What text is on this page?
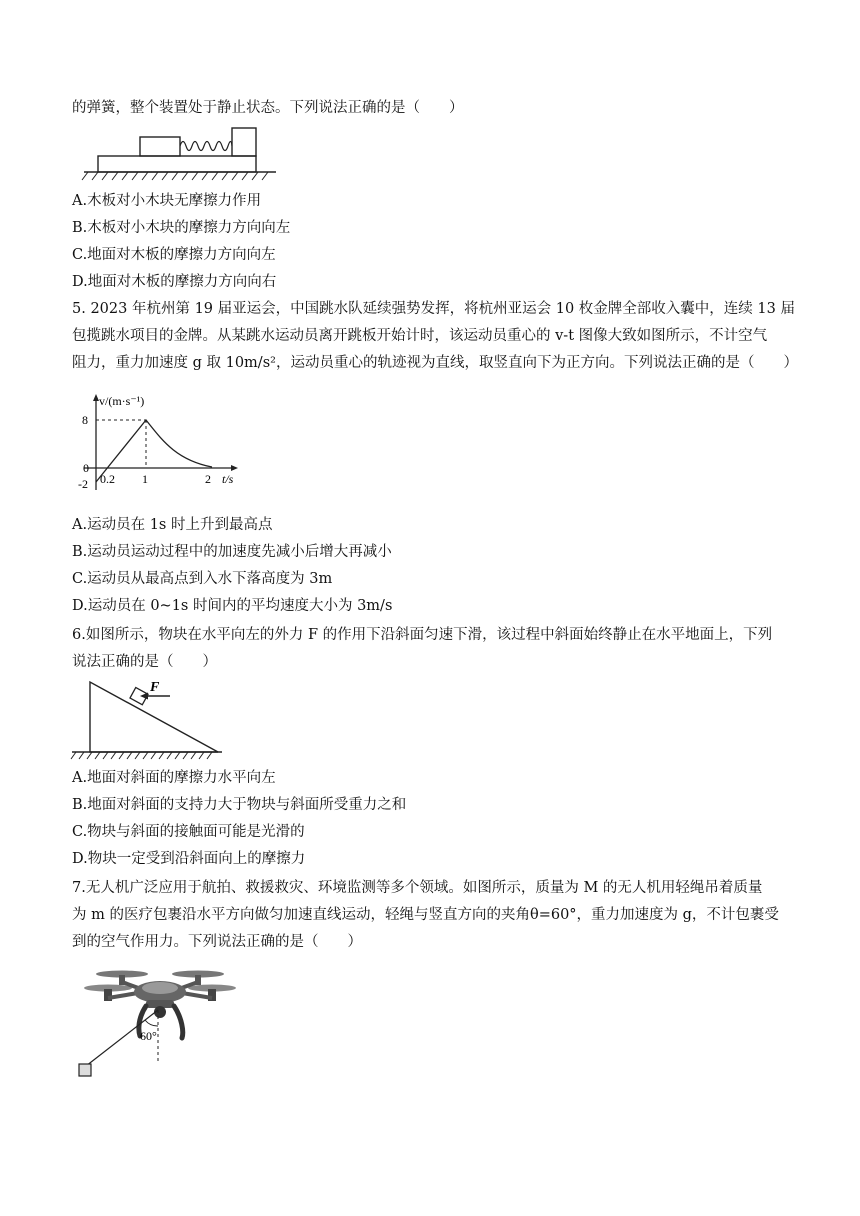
的弹簧，整个装置处于静止状态。下列说法正确的是（　　）
A.木板对小木块无摩擦力作用
B.木板对小木块的摩擦力方向向左
C.地面对木板的摩擦力方向向左
D.地面对木板的摩擦力方向向右
5. 2023 年杭州第 19 届亚运会，中国跳水队延续强势发挥，将杭州亚运会 10 枚金牌全部收入囊中，连续 13 届
包揽跳水项目的金牌。从某跳水运动员离开跳板开始计时，该运动员重心的 v-t 图像大致如图所示，不计空气
阻力，重力加速度 g 取 10m/s²，运动员重心的轨迹视为直线，取竖直向下为正方向。下列说法正确的是（　　）
v/(m·s⁻¹)
t/s
8
0
-2 0.2 1	2
A.运动员在 1s 时上升到最高点
B.运动员运动过程中的加速度先减小后增大再减小
C.运动员从最高点到入水下落高度为 3m
D.运动员在 0~1s 时间内的平均速度大小为 3m/s
6.如图所示，物块在水平向左的外力 F 的作用下沿斜面匀速下滑，该过程中斜面始终静止在水平地面上，下列
说法正确的是（　　）
F
A.地面对斜面的摩擦力水平向左
B.地面对斜面的支持力大于物块与斜面所受重力之和
C.物块与斜面的接触面可能是光滑的
D.物块一定受到沿斜面向上的摩擦力
7.无人机广泛应用于航拍、救援救灾、环境监测等多个领域。如图所示，质量为 M 的无人机用轻绳吊着质量
为 m 的医疗包裹沿水平方向做匀加速直线运动，轻绳与竖直方向的夹角θ=60°，重力加速度为 g，不计包裹受
到的空气作用力。下列说法正确的是（　　）
60°
